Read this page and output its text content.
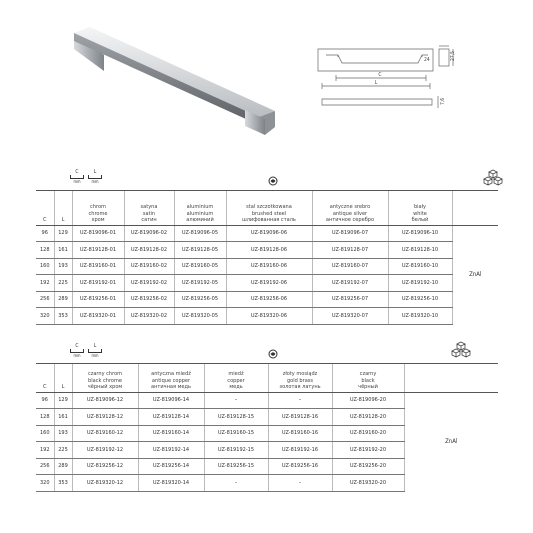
C
L
24	27,5
7,6
C
mm
L
mm
C	L	chrom
chrome
хром	satyna
satin
сатин	aluminium
aluminium
алюминий	stal szczotkowana
brushed steel
шлифованная сталь	antyczne srebro
antique silver
античное серебро	biały
white
белый	
96	129	UZ-819096-01	UZ-819096-02	UZ-819096-05	UZ-819096-06	UZ-819096-07	UZ-819096-10	ZnAl
128	161	UZ-819128-01	UZ-819128-02	UZ-819128-05	UZ-819128-06	UZ-819128-07	UZ-819128-10	
160	193	UZ-819160-01	UZ-819160-02	UZ-819160-05	UZ-819160-06	UZ-819160-07	UZ-819160-10	
192	225	UZ-819192-01	UZ-819192-02	UZ-819192-05	UZ-819192-06	UZ-819192-07	UZ-819192-10	
256	289	UZ-819256-01	UZ-819256-02	UZ-819256-05	UZ-819256-06	UZ-819256-07	UZ-819256-10	
320	353	UZ-819320-01	UZ-819320-02	UZ-819320-05	UZ-819320-06	UZ-819320-07	UZ-819320-10	
C
mm
L
mm
C	L	czarny chrom
black chrome
чёрный хром	antyczna miedź
antique copper
античная медь	miedź
copper
медь	złoty mosiądz
gold brass
золотая латунь	czarny
black
чёрный	
96	129	UZ-819096-12	UZ-819096-14	–	–	UZ-819096-20	ZnAl
128	161	UZ-819128-12	UZ-819128-14	UZ-819128-15	UZ-819128-16	UZ-819128-20	
160	193	UZ-819160-12	UZ-819160-14	UZ-819160-15	UZ-819160-16	UZ-819160-20	
192	225	UZ-819192-12	UZ-819192-14	UZ-819192-15	UZ-819192-16	UZ-819192-20	
256	289	UZ-819256-12	UZ-819256-14	UZ-819256-15	UZ-819256-16	UZ-819256-20	
320	353	UZ-819320-12	UZ-819320-14	–	–	UZ-819320-20	
